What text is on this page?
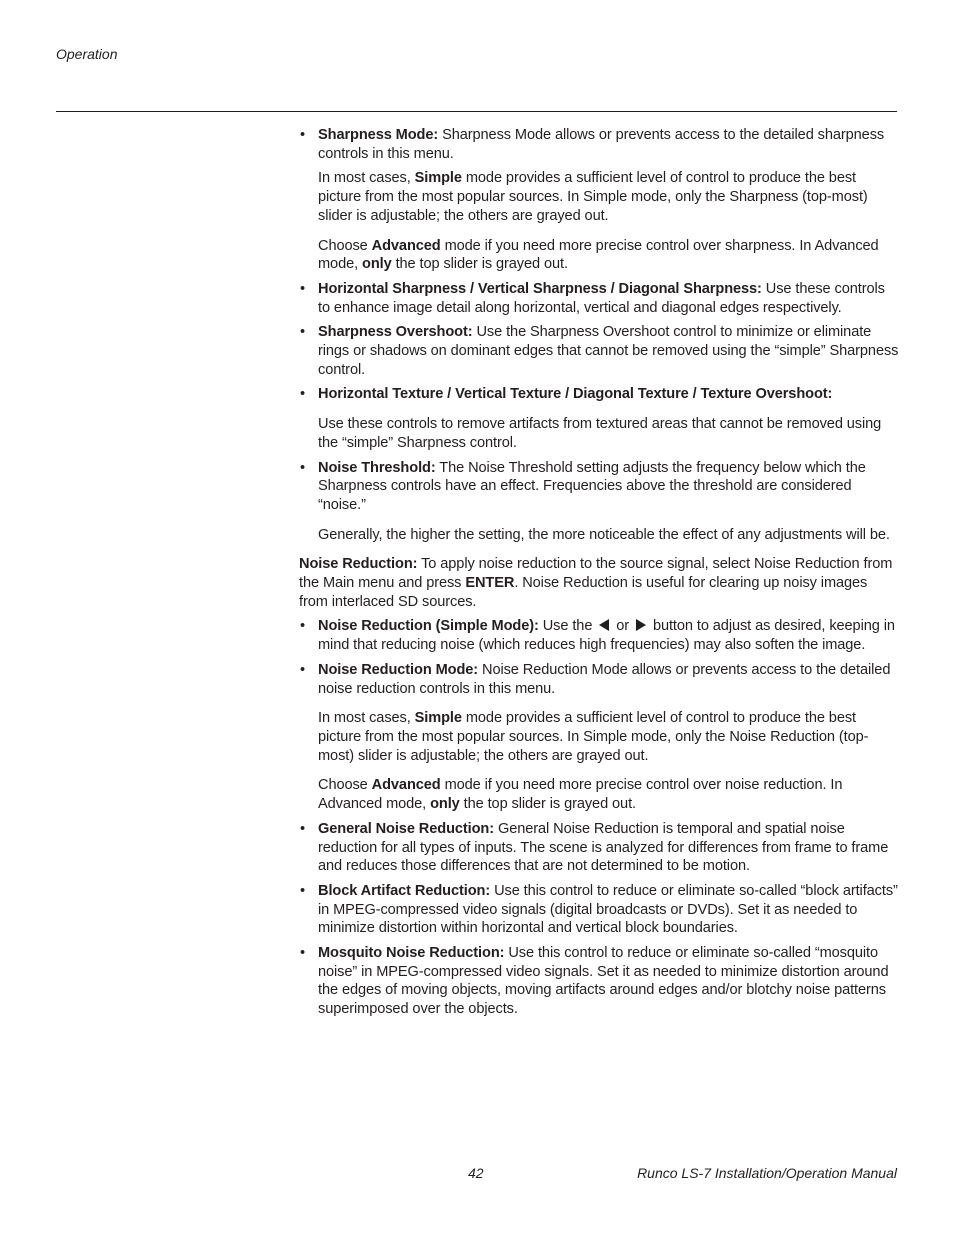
Operation
• Sharpness Mode: Sharpness Mode allows or prevents access to the detailed sharpness controls in this menu.
In most cases, Simple mode provides a sufficient level of control to produce the best picture from the most popular sources. In Simple mode, only the Sharpness (top-most) slider is adjustable; the others are grayed out.
Choose Advanced mode if you need more precise control over sharpness. In Advanced mode, only the top slider is grayed out.
• Horizontal Sharpness / Vertical Sharpness / Diagonal Sharpness: Use these controls to enhance image detail along horizontal, vertical and diagonal edges respectively.
• Sharpness Overshoot: Use the Sharpness Overshoot control to minimize or eliminate rings or shadows on dominant edges that cannot be removed using the “simple” Sharpness control.
• Horizontal Texture / Vertical Texture / Diagonal Texture / Texture Overshoot:
Use these controls to remove artifacts from textured areas that cannot be removed using the “simple” Sharpness control.
• Noise Threshold: The Noise Threshold setting adjusts the frequency below which the Sharpness controls have an effect. Frequencies above the threshold are considered “noise.”
Generally, the higher the setting, the more noticeable the effect of any adjustments will be.
Noise Reduction: To apply noise reduction to the source signal, select Noise Reduction from the Main menu and press ENTER. Noise Reduction is useful for clearing up noisy images from interlaced SD sources.
• Noise Reduction (Simple Mode): Use the  or  button to adjust as desired, keeping in mind that reducing noise (which reduces high frequencies) may also soften the image.
• Noise Reduction Mode: Noise Reduction Mode allows or prevents access to the detailed noise reduction controls in this menu.
In most cases, Simple mode provides a sufficient level of control to produce the best picture from the most popular sources. In Simple mode, only the Noise Reduction (top-most) slider is adjustable; the others are grayed out.
Choose Advanced mode if you need more precise control over noise reduction. In Advanced mode, only the top slider is grayed out.
• General Noise Reduction: General Noise Reduction is temporal and spatial noise reduction for all types of inputs. The scene is analyzed for differences from frame to frame and reduces those differences that are not determined to be motion.
• Block Artifact Reduction: Use this control to reduce or eliminate so-called “block artifacts” in MPEG-compressed video signals (digital broadcasts or DVDs). Set it as needed to minimize distortion within horizontal and vertical block boundaries.
• Mosquito Noise Reduction: Use this control to reduce or eliminate so-called “mosquito noise” in MPEG-compressed video signals. Set it as needed to minimize distortion around the edges of moving objects, moving artifacts around edges and/or blotchy noise patterns superimposed over the objects.
42	Runco LS-7 Installation/Operation Manual
